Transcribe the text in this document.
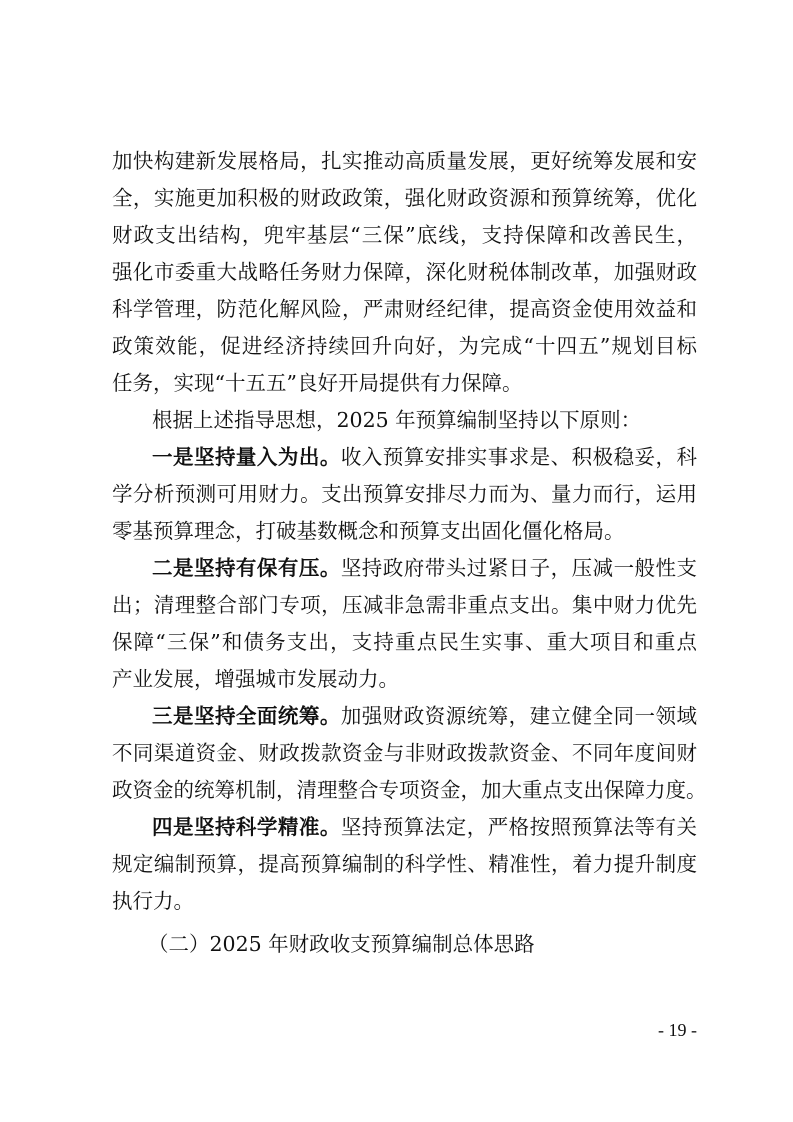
加快构建新发展格局，扎实推动高质量发展，更好统筹发展和安
全，实施更加积极的财政政策，强化财政资源和预算统筹，优化
财政支出结构，兜牢基层“三保”底线，支持保障和改善民生，
强化市委重大战略任务财力保障，深化财税体制改革，加强财政
科学管理，防范化解风险，严肃财经纪律，提高资金使用效益和
政策效能，促进经济持续回升向好，为完成“十四五”规划目标
任务，实现“十五五”良好开局提供有力保障。
根据上述指导思想，2025 年预算编制坚持以下原则：
一是坚持量入为出。收入预算安排实事求是、积极稳妥，科
学分析预测可用财力。支出预算安排尽力而为、量力而行，运用
零基预算理念，打破基数概念和预算支出固化僵化格局。
二是坚持有保有压。坚持政府带头过紧日子，压减一般性支
出；清理整合部门专项，压减非急需非重点支出。集中财力优先
保障“三保”和债务支出，支持重点民生实事、重大项目和重点
产业发展，增强城市发展动力。
三是坚持全面统筹。加强财政资源统筹，建立健全同一领域
不同渠道资金、财政拨款资金与非财政拨款资金、不同年度间财
政资金的统筹机制，清理整合专项资金，加大重点支出保障力度。
四是坚持科学精准。坚持预算法定，严格按照预算法等有关
规定编制预算，提高预算编制的科学性、精准性，着力提升制度
执行力。
（二）2025 年财政收支预算编制总体思路
- 19 -
